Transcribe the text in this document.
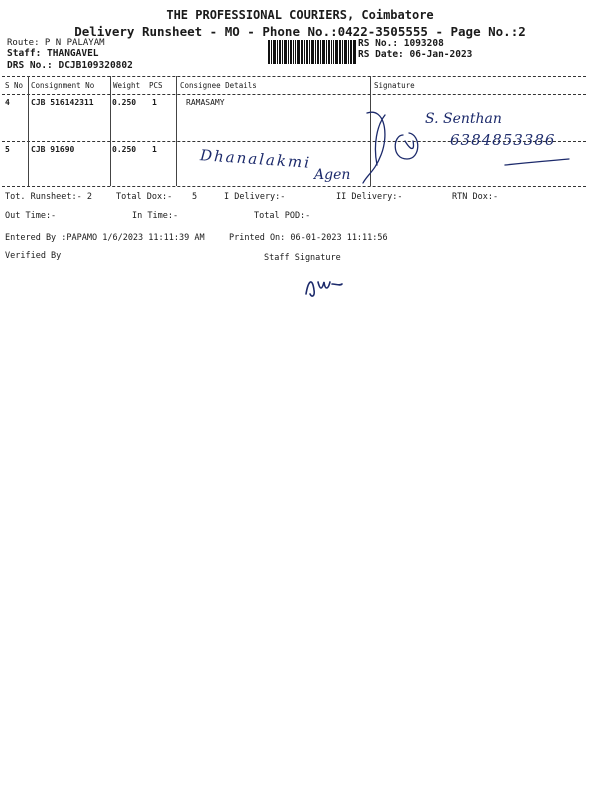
THE PROFESSIONAL COURIERS, Coimbatore
Delivery Runsheet - MO - Phone No.:0422-3505555 - Page No.:2
Route: P N PALAYAM
Staff: THANGAVEL
DRS No.: DCJB109320802
RS No.: 1093208
RS Date: 06-Jan-2023
S No Consignment No	Weight PCS Consignee Details	Signature
4	CJB 516142311 0.250 1	RAMASAMY
5	CJB 91690	0.250 1
S. Senthan
6384853386
Dhanalakmi
Agen
Tot. Runsheet:- 2	Total Dox:- 5	I Delivery:-	II Delivery:-	RTN Dox:-
Out Time:-	In Time:-	Total POD:-
Entered By :PAPAMO 1/6/2023 11:11:39 AM	Printed On: 06-01-2023 11:11:56
Verified By	Staff Signature
